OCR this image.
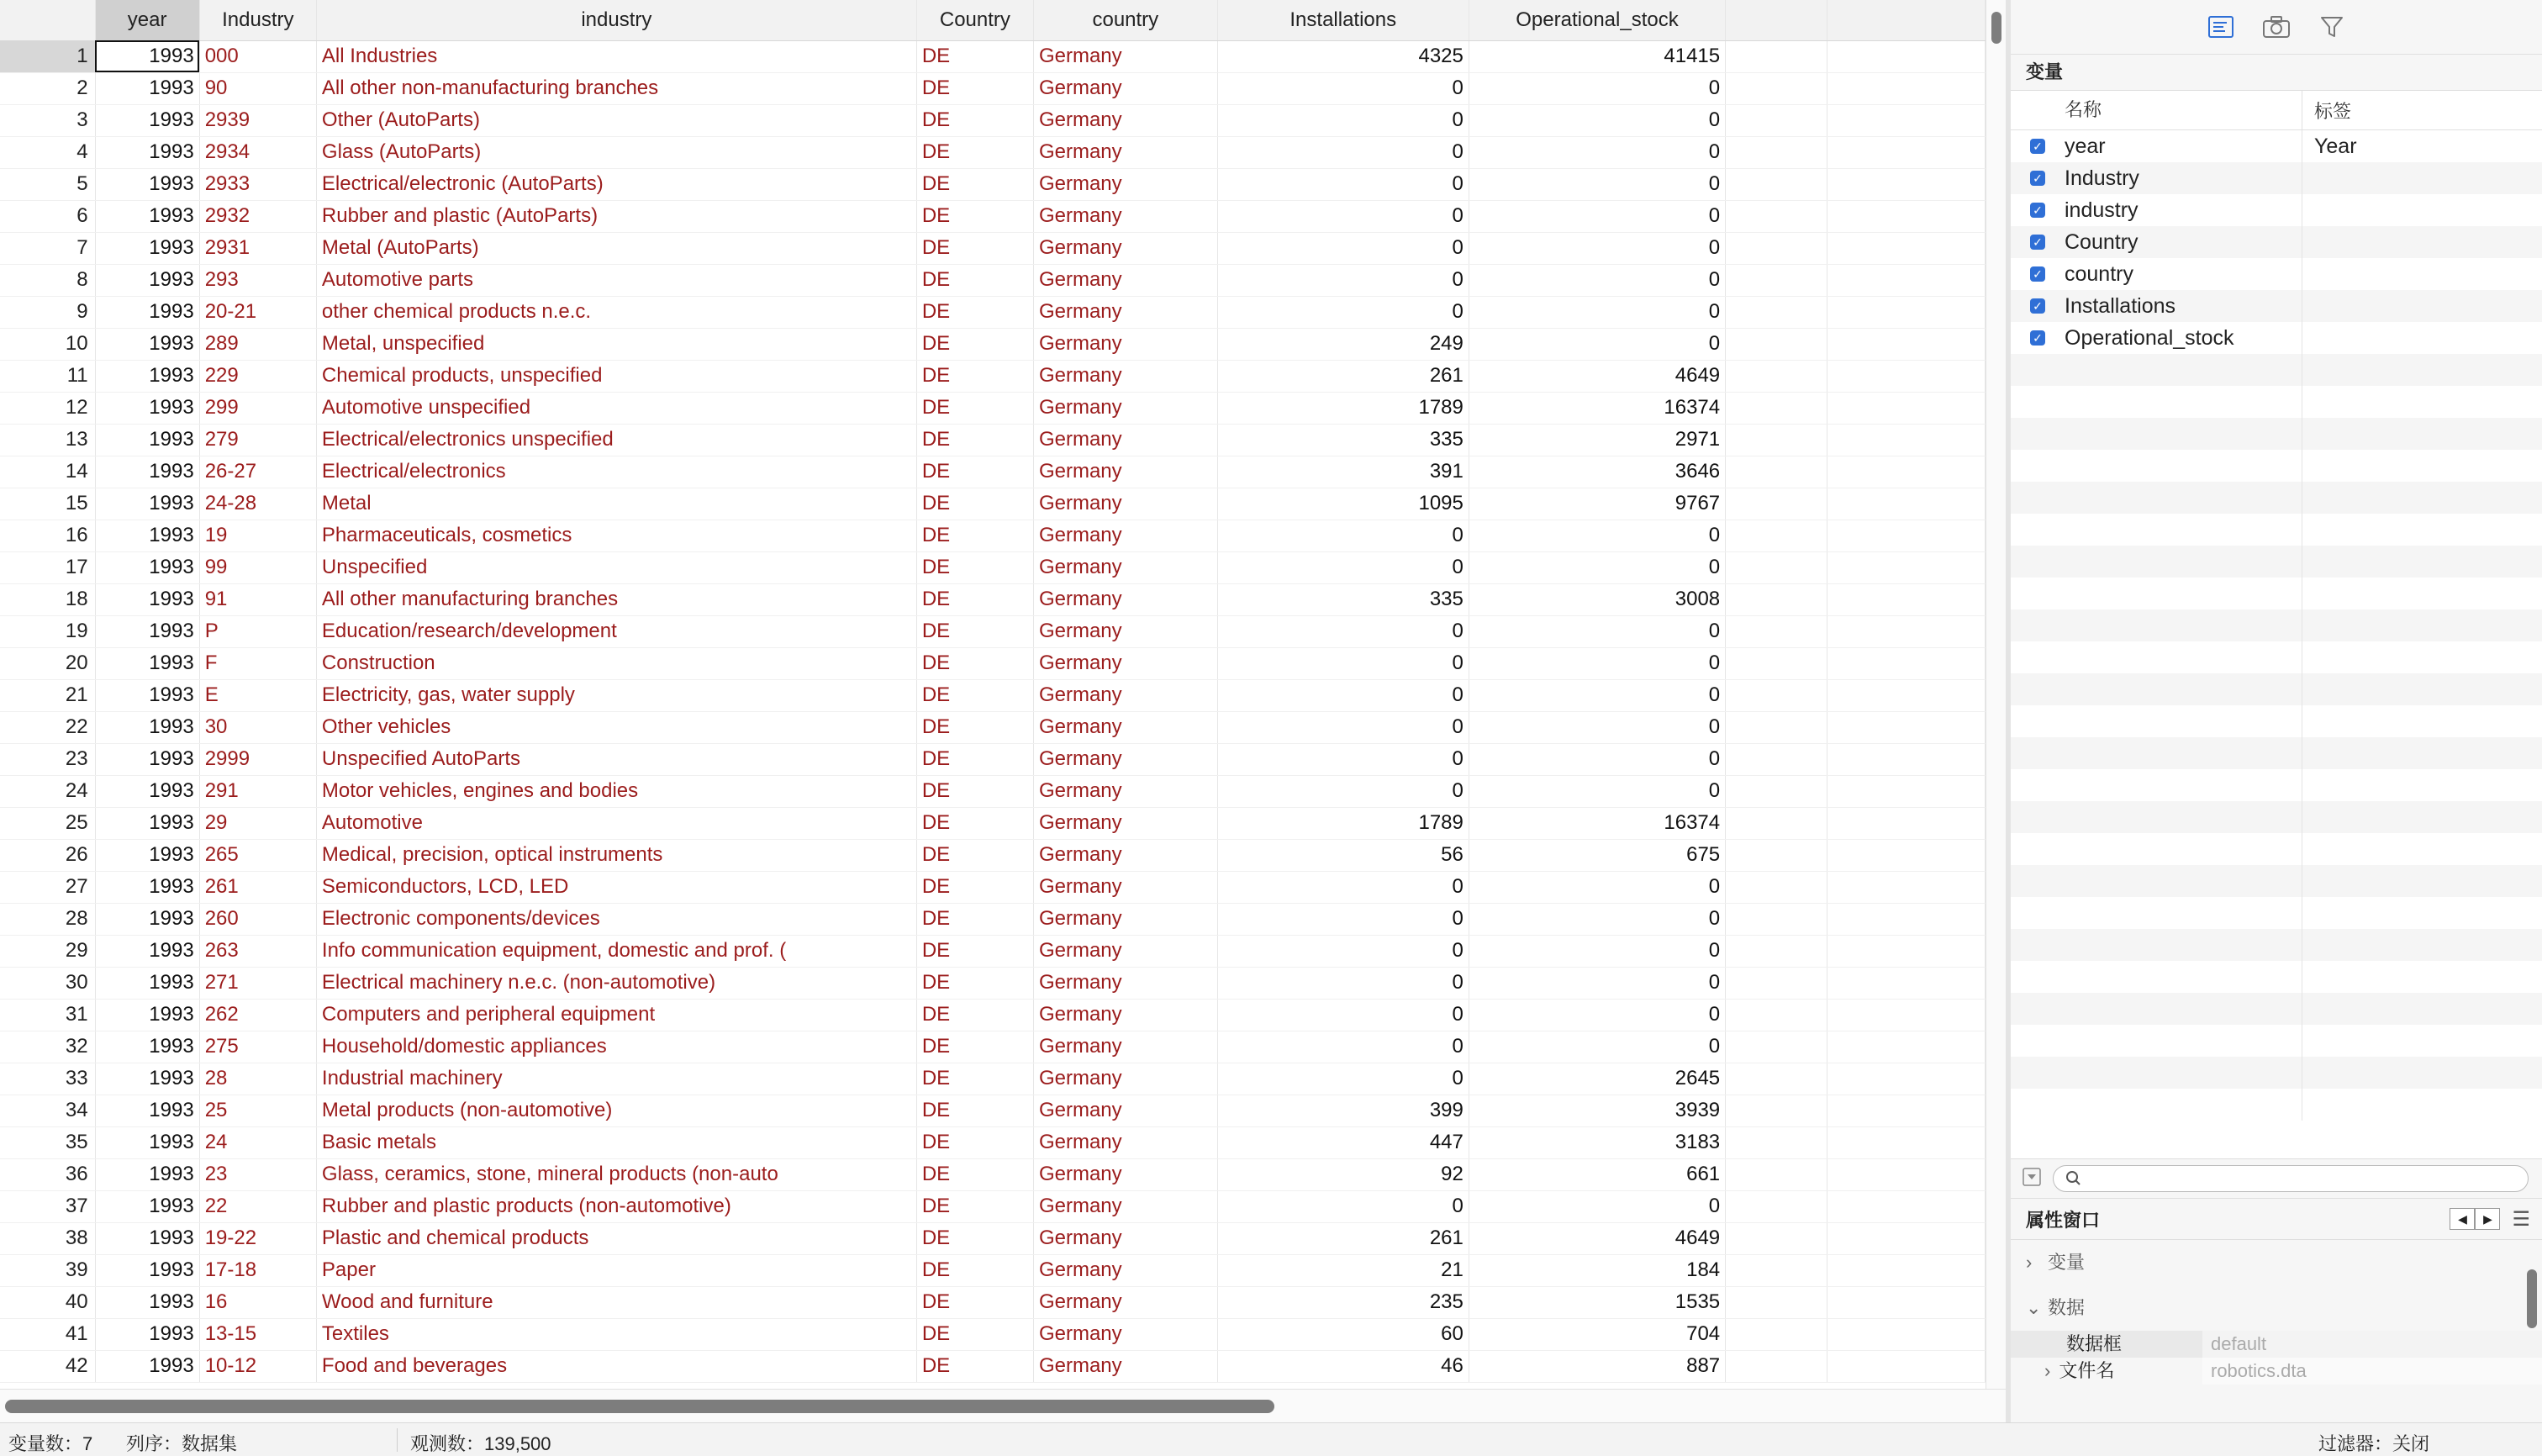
	year	Industry	industry	Country	country	Installations	Operational_stock		
1	1993	000	All Industries	DE	Germany	4325	41415		
2	1993	90	All other non-manufacturing branches	DE	Germany	0	0		
3	1993	2939	Other (AutoParts)	DE	Germany	0	0		
4	1993	2934	Glass (AutoParts)	DE	Germany	0	0		
5	1993	2933	Electrical/electronic (AutoParts)	DE	Germany	0	0		
6	1993	2932	Rubber and plastic (AutoParts)	DE	Germany	0	0		
7	1993	2931	Metal (AutoParts)	DE	Germany	0	0		
8	1993	293	Automotive parts	DE	Germany	0	0		
9	1993	20-21	other chemical products n.e.c.	DE	Germany	0	0		
10	1993	289	Metal, unspecified	DE	Germany	249	0		
11	1993	229	Chemical products, unspecified	DE	Germany	261	4649		
12	1993	299	Automotive unspecified	DE	Germany	1789	16374		
13	1993	279	Electrical/electronics unspecified	DE	Germany	335	2971		
14	1993	26-27	Electrical/electronics	DE	Germany	391	3646		
15	1993	24-28	Metal	DE	Germany	1095	9767		
16	1993	19	Pharmaceuticals, cosmetics	DE	Germany	0	0		
17	1993	99	Unspecified	DE	Germany	0	0		
18	1993	91	All other manufacturing branches	DE	Germany	335	3008		
19	1993	P	Education/research/development	DE	Germany	0	0		
20	1993	F	Construction	DE	Germany	0	0		
21	1993	E	Electricity, gas, water supply	DE	Germany	0	0		
22	1993	30	Other vehicles	DE	Germany	0	0		
23	1993	2999	Unspecified AutoParts	DE	Germany	0	0		
24	1993	291	Motor vehicles, engines and bodies	DE	Germany	0	0		
25	1993	29	Automotive	DE	Germany	1789	16374		
26	1993	265	Medical, precision, optical instruments	DE	Germany	56	675		
27	1993	261	Semiconductors, LCD, LED	DE	Germany	0	0		
28	1993	260	Electronic components/devices	DE	Germany	0	0		
29	1993	263	Info communication equipment, domestic and prof. (	DE	Germany	0	0		
30	1993	271	Electrical machinery n.e.c. (non-automotive)	DE	Germany	0	0		
31	1993	262	Computers and peripheral equipment	DE	Germany	0	0		
32	1993	275	Household/domestic appliances	DE	Germany	0	0		
33	1993	28	Industrial machinery	DE	Germany	0	2645		
34	1993	25	Metal products (non-automotive)	DE	Germany	399	3939		
35	1993	24	Basic metals	DE	Germany	447	3183		
36	1993	23	Glass, ceramics, stone, mineral products (non-auto	DE	Germany	92	661		
37	1993	22	Rubber and plastic products (non-automotive)	DE	Germany	0	0		
38	1993	19-22	Plastic and chemical products	DE	Germany	261	4649		
39	1993	17-18	Paper	DE	Germany	21	184		
40	1993	16	Wood and furniture	DE	Germany	235	1535		
41	1993	13-15	Textiles	DE	Germany	60	704		
42	1993	10-12	Food and beverages	DE	Germany	46	887		
变量
名称	标签
✓ year	Year
✓ Industry
✓ industry
✓ Country
✓ country
✓ Installations
✓ Operational_stock
属性窗口	◀	▶ ☰
› 变量
⌄ 数据
数据框	default
› 文件名	robotics.dta
变量数：7 列序：数据集	观测数：139,500	过滤器：关闭
